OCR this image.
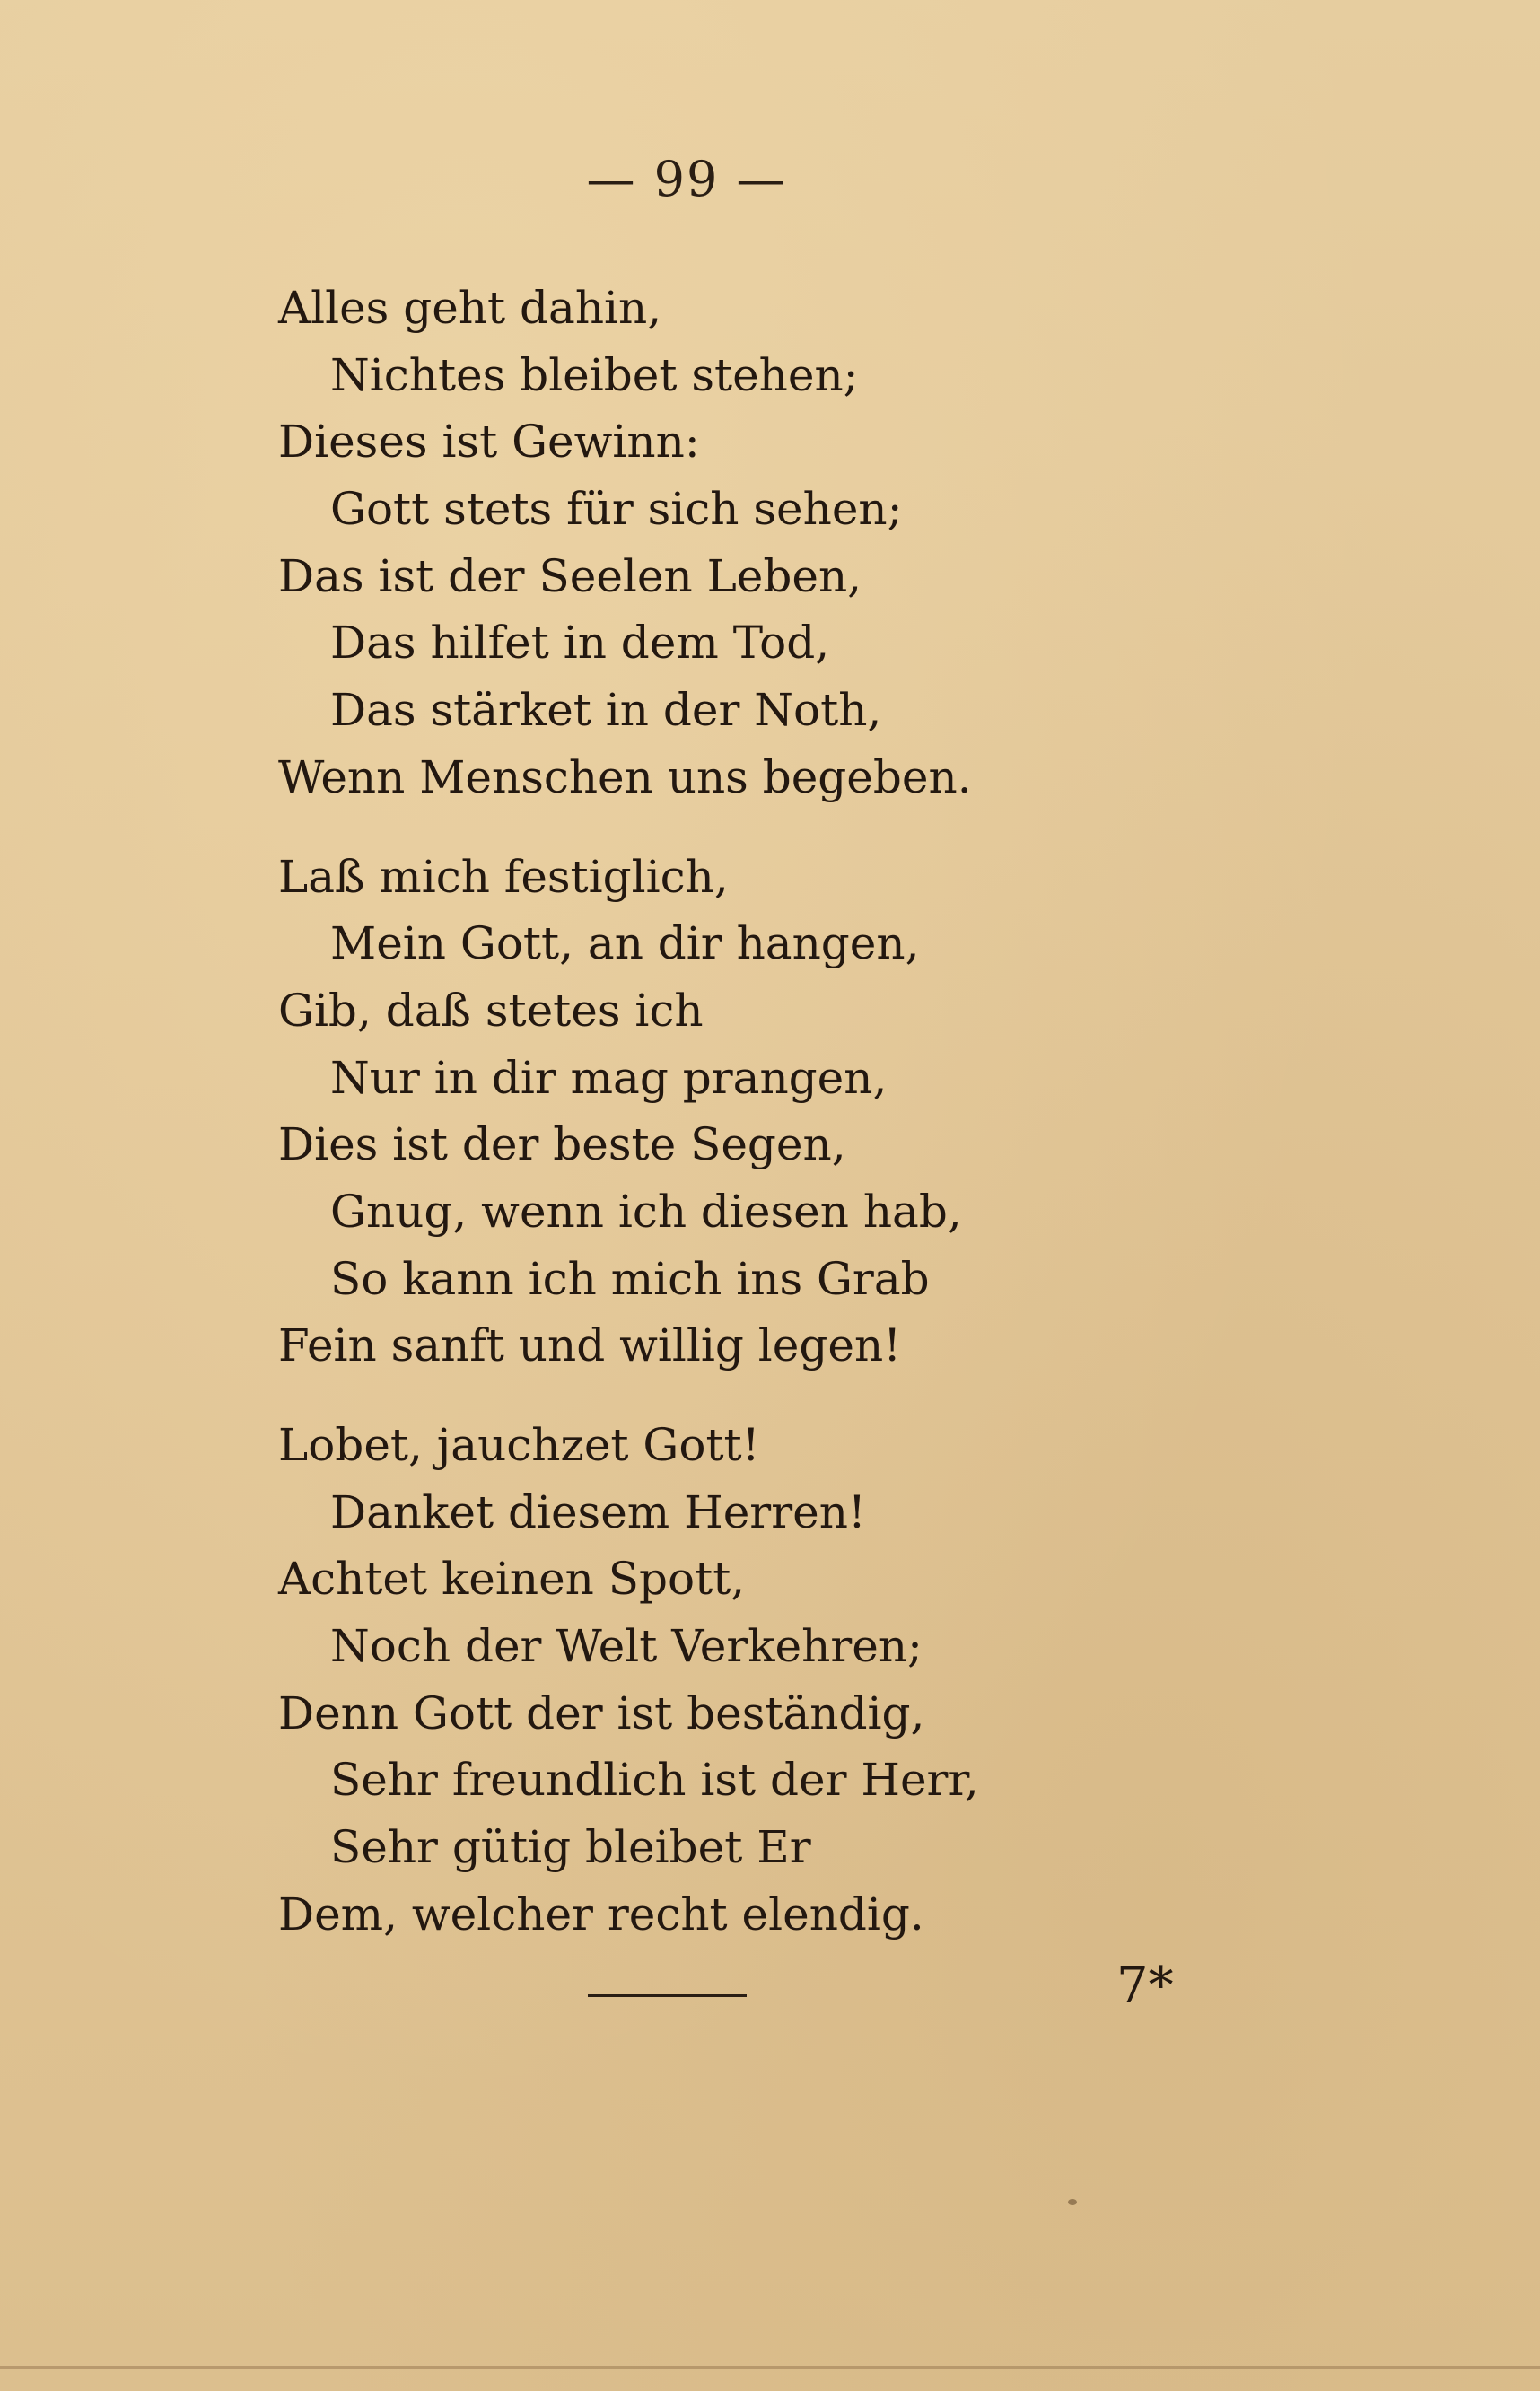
— 99 —
Alles geht dahin,
Nichtes bleibet stehen;
Dieses ist Gewinn:
Gott stets für sich sehen;
Das ist der Seelen Leben,
Das hilfet in dem Tod,
Das stärket in der Noth,
Wenn Menschen uns begeben.
Laß mich festiglich,
Mein Gott, an dir hangen,
Gib, daß stetes ich
Nur in dir mag prangen,
Dies ist der beste Segen,
Gnug, wenn ich diesen hab,
So kann ich mich ins Grab
Fein sanft und willig legen!
Lobet, jauchzet Gott!
Danket diesem Herren!
Achtet keinen Spott,
Noch der Welt Verkehren;
Denn Gott der ist beständig,
Sehr freundlich ist der Herr,
Sehr gütig bleibet Er
Dem, welcher recht elendig.
7*
